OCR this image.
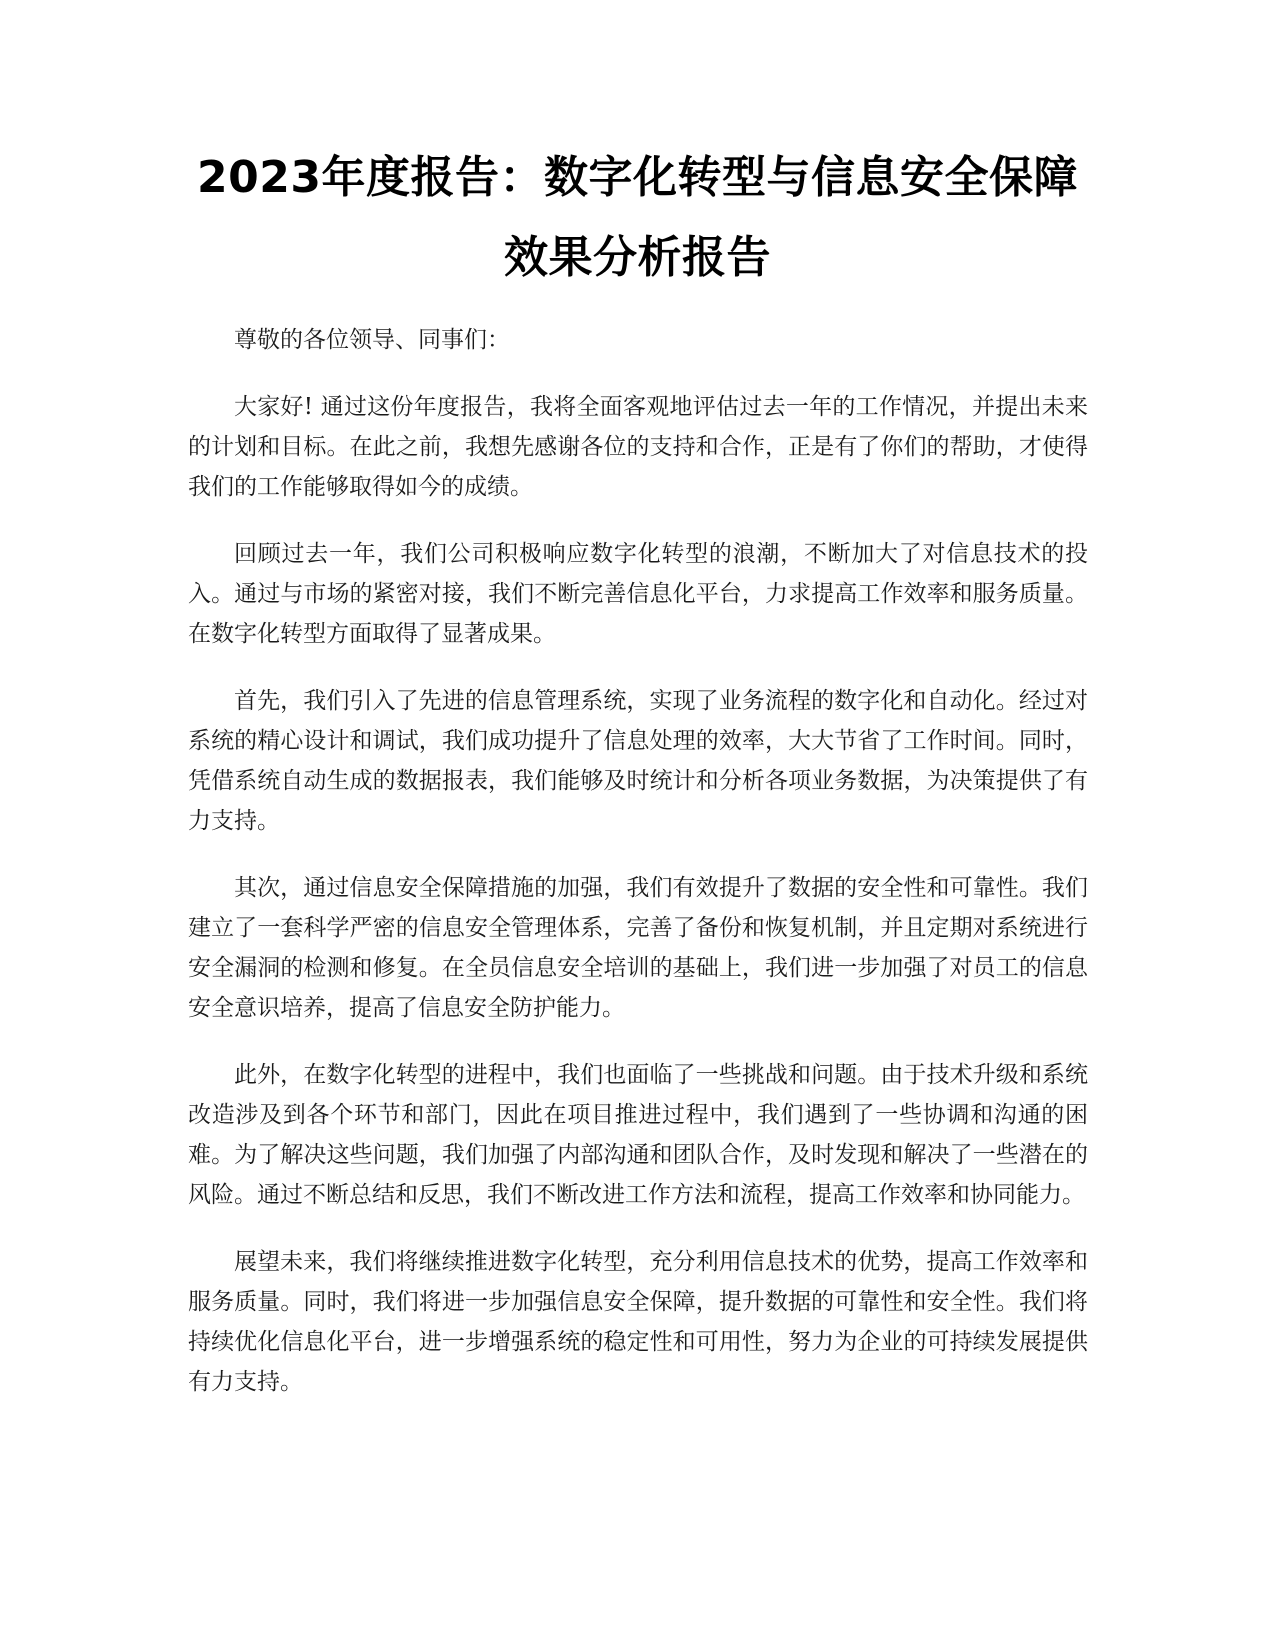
2023年度报告：数字化转型与信息安全保障
效果分析报告

尊敬的各位领导、同事们：

大家好! 通过这份年度报告，我将全面客观地评估过去一年的工作情况，并提出未来的计划和目标。在此之前，我想先感谢各位的支持和合作，正是有了你们的帮助，才使得我们的工作能够取得如今的成绩。

回顾过去一年，我们公司积极响应数字化转型的浪潮，不断加大了对信息技术的投入。通过与市场的紧密对接，我们不断完善信息化平台，力求提高工作效率和服务质量。在数字化转型方面取得了显著成果。

首先，我们引入了先进的信息管理系统，实现了业务流程的数字化和自动化。经过对系统的精心设计和调试，我们成功提升了信息处理的效率，大大节省了工作时间。同时，凭借系统自动生成的数据报表，我们能够及时统计和分析各项业务数据，为决策提供了有力支持。

其次，通过信息安全保障措施的加强，我们有效提升了数据的安全性和可靠性。我们建立了一套科学严密的信息安全管理体系，完善了备份和恢复机制，并且定期对系统进行安全漏洞的检测和修复。在全员信息安全培训的基础上，我们进一步加强了对员工的信息安全意识培养，提高了信息安全防护能力。

此外，在数字化转型的进程中，我们也面临了一些挑战和问题。由于技术升级和系统改造涉及到各个环节和部门，因此在项目推进过程中，我们遇到了一些协调和沟通的困难。为了解决这些问题，我们加强了内部沟通和团队合作，及时发现和解决了一些潜在的风险。通过不断总结和反思，我们不断改进工作方法和流程，提高工作效率和协同能力。

展望未来，我们将继续推进数字化转型，充分利用信息技术的优势，提高工作效率和服务质量。同时，我们将进一步加强信息安全保障，提升数据的可靠性和安全性。我们将持续优化信息化平台，进一步增强系统的稳定性和可用性，努力为企业的可持续发展提供有力支持。
